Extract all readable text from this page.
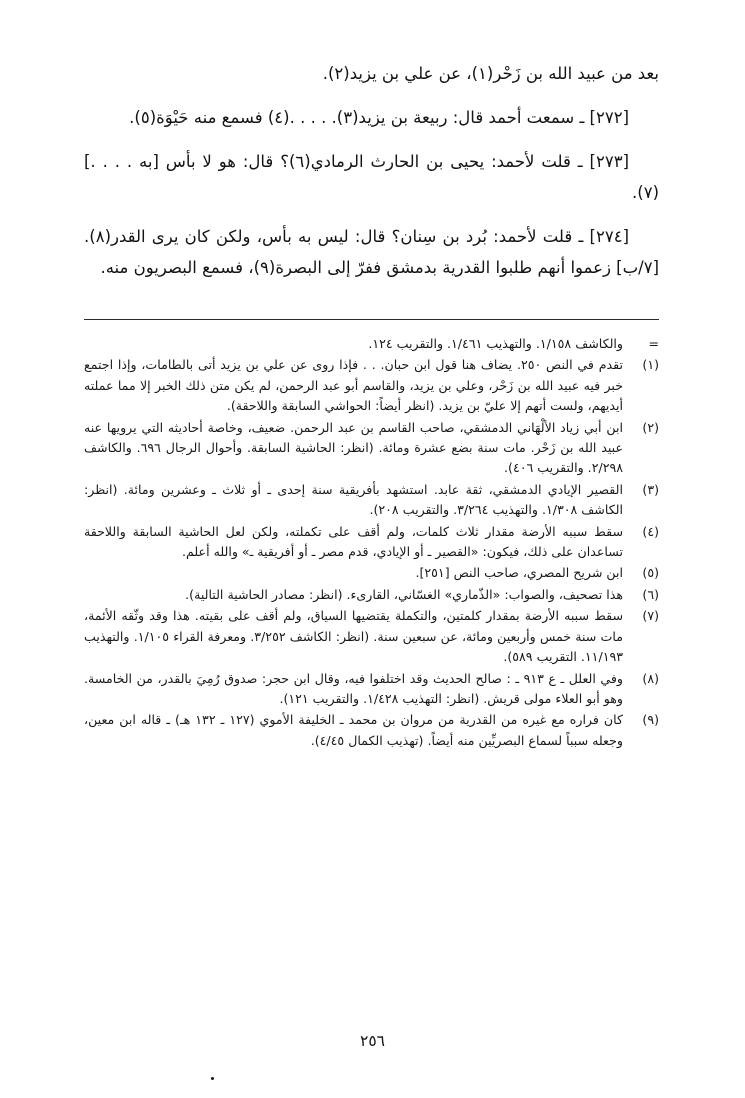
بعد من عبيد الله بن زَحْر(١)، عن علي بن يزيد(٢).

[٢٧٢] ـ سمعت أحمد قال: ربيعة بن يزيد(٣). . . . .(٤) فسمع منه حَيْوَة(٥).

[٢٧٣] ـ قلت لأحمد: يحيى بن الحارث الرمادي(٦)؟ قال: هو لا بأس [به . . . .](٧).

[٢٧٤] ـ قلت لأحمد: بُرد بن سِنان؟ قال: ليس به بأس، ولكن كان يرى القدر(٨). [٧/ب] زعموا أنهم طلبوا القدرية بدمشق ففرّ إلى البصرة(٩)، فسمع البصريون منه.

=
والكاشف ١/١٥٨. والتهذيب ١/٤٦١. والتقريب ١٢٤.
(١)
تقدم في النص ٢٥٠. يضاف هنا قول ابن حبان. . . فإذا روى عن علي بن يزيد أتى بالطامات، وإذا اجتمع خبر فيه عبيد الله بن زَحْر، وعلي بن يزيد، والقاسم أبو عبد الرحمن، لم يكن متن ذلك الخبر إلا مما عملته أيديهم، ولست أتهم إلا عليّ بن يزيد. (انظر أيضاً: الحواشي السابقة واللاحقة).
(٢)
ابن أبي زياد الألْهَاني الدمشقي، صاحب القاسم بن عبد الرحمن. ضعيف، وخاصة أحاديثه التي يرويها عنه عبيد الله بن زَحْر. مات سنة بضع عشرة ومائة. (انظر: الحاشية السابقة. وأحوال الرجال ٦٩٦. والكاشف ٢/٢٩٨. والتقريب ٤٠٦).
(٣)
القصير الإيادي الدمشقي، ثقة عابد. استشهد بأفريقية سنة إحدى ـ أو ثلاث ـ وعشرين ومائة. (انظر: الكاشف ١/٣٠٨. والتهذيب ٣/٢٦٤. والتقريب ٢٠٨).
(٤)
سقط سببه الأرضة مقدار ثلاث كلمات، ولم أقف على تكملته، ولكن لعل الحاشية السابقة واللاحقة تساعدان على ذلك، فيكون: «القصير ـ أو الإيادي، قدم مصر ـ أو أفريقية ـ» والله أعلم.
(٥)
ابن شريح المصري، صاحب النص [٢٥١].
(٦)
هذا تصحيف، والصواب: «الذّماري» الغسّاني، القارىء. (انظر: مصادر الحاشية التالية).
(٧)
سقط سببه الأرضة بمقدار كلمتين، والتكملة يقتضيها السياق، ولم أقف على بقيته. هذا وقد وثّقه الأئمة، مات سنة خمس وأربعين ومائة، عن سبعين سنة. (انظر: الكاشف ٣/٢٥٢. ومعرفة القراء ١/١٠٥. والتهذيب ١١/١٩٣. التقريب ٥٨٩).
(٨)
وفي العلل ـ ع ٩١٣ ـ : صالح الحديث وقد اختلفوا فيه، وقال ابن حجر: صدوق رُمِيَ بالقدر، من الخامسة. وهو أبو العلاء مولى قريش. (انظر: التهذيب ١/٤٢٨. والتقريب ١٢١).
(٩)
كان فراره مع غيره من القدرية من مروان بن محمد ـ الخليفة الأموي (١٢٧ ـ ١٣٢ هـ) ـ قاله ابن معين، وجعله سبباً لسماع البصريِّين منه أيضاً. (تهذيب الكمال ٤/٤٥).
٢٥٦
